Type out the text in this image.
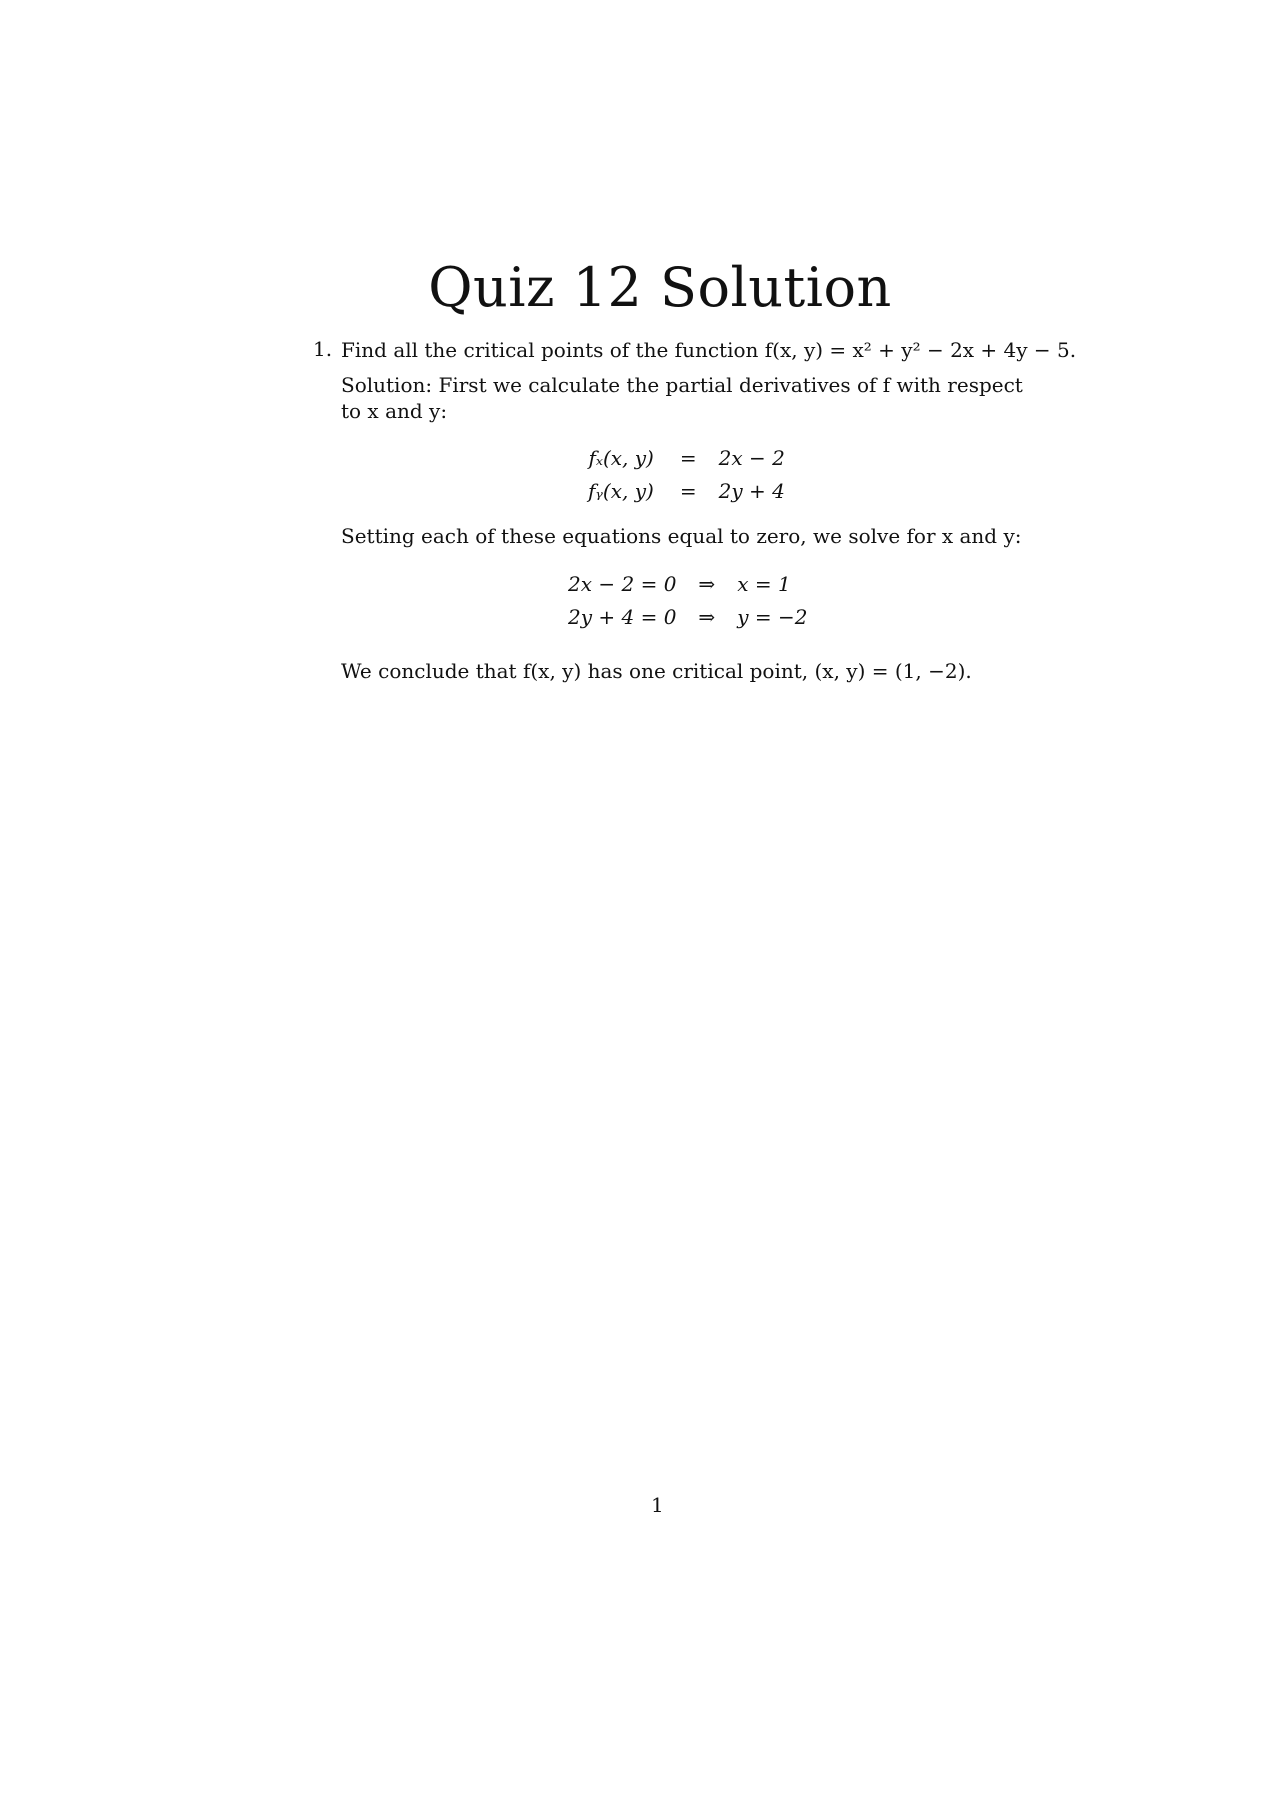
Quiz 12 Solution
1. Find all the critical points of the function f(x, y) = x² + y² − 2x + 4y − 5.
Solution: First we calculate the partial derivatives of f with respect to x and y:
fₓ(x, y)	=	2x − 2
fᵧ(x, y)	=	2y + 4
Setting each of these equations equal to zero, we solve for x and y:
2x − 2 = 0	⇒	x = 1
2y + 4 = 0	⇒	y = −2
We conclude that f(x, y) has one critical point, (x, y) = (1, −2).
1
